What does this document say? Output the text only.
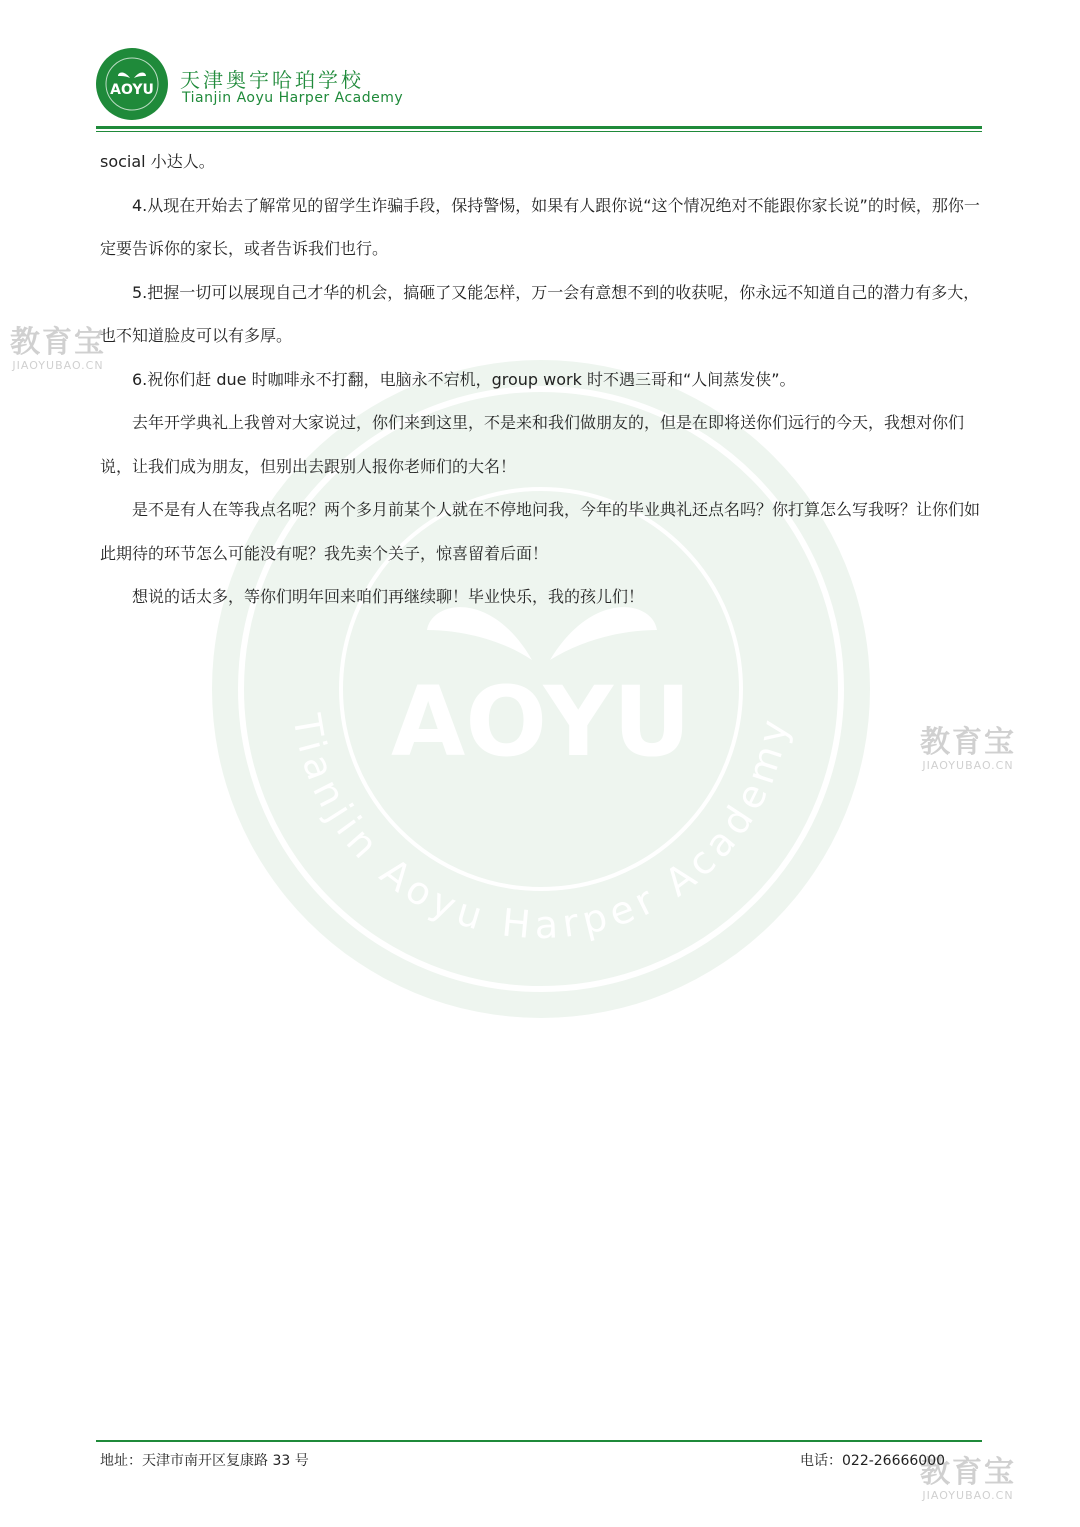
AOYU 天津奥宇哈珀学校
Tianjin Aoyu Harper Academy
AOYU
Tianjin Aoyu Harper Academy

social 小达人。

4.从现在开始去了解常见的留学生诈骗手段，保持警惕，如果有人跟你说“这个情况绝对不能跟你家长说”的时候，那你一定要告诉你的家长，或者告诉我们也行。

5.把握一切可以展现自己才华的机会，搞砸了又能怎样，万一会有意想不到的收获呢，你永远不知道自己的潜力有多大，也不知道脸皮可以有多厚。

6.祝你们赶 due 时咖啡永不打翻，电脑永不宕机，group work 时不遇三哥和“人间蒸发侠”。

去年开学典礼上我曾对大家说过，你们来到这里，不是来和我们做朋友的，但是在即将送你们远行的今天，我想对你们说，让我们成为朋友，但别出去跟别人报你老师们的大名！

是不是有人在等我点名呢？两个多月前某个人就在不停地问我，今年的毕业典礼还点名吗？你打算怎么写我呀？让你们如此期待的环节怎么可能没有呢？我先卖个关子，惊喜留着后面！

想说的话太多，等你们明年回来咱们再继续聊！毕业快乐，我的孩儿们！

教育宝
JIAOYUBAO.CN
教育宝
JIAOYUBAO.CN
教育宝
JIAOYUBAO.CN
地址：天津市南开区复康路 33 号	电话：022-26666000
